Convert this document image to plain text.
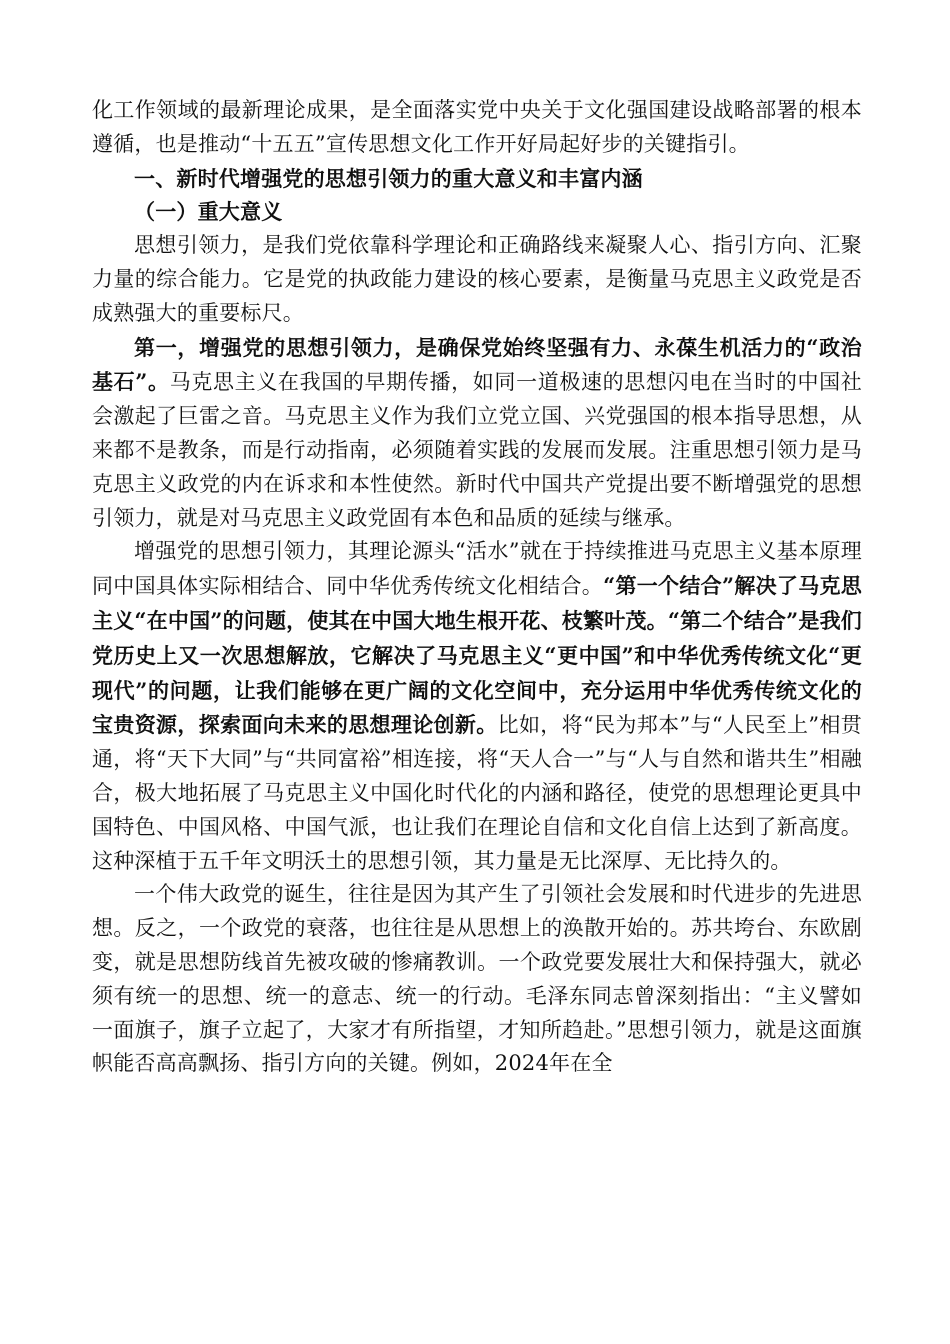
化工作领域的最新理论成果，是全面落实党中央关于文化强国建设战略部署的根本遵循，也是推动“十五五”宣传思想文化工作开好局起好步的关键指引。

一、新时代增强党的思想引领力的重大意义和丰富内涵

（一）重大意义

思想引领力，是我们党依靠科学理论和正确路线来凝聚人心、指引方向、汇聚力量的综合能力。它是党的执政能力建设的核心要素，是衡量马克思主义政党是否成熟强大的重要标尺。

第一，增强党的思想引领力，是确保党始终坚强有力、永葆生机活力的“政治基石”。马克思主义在我国的早期传播，如同一道极速的思想闪电在当时的中国社会激起了巨雷之音。马克思主义作为我们立党立国、兴党强国的根本指导思想，从来都不是教条，而是行动指南，必须随着实践的发展而发展。注重思想引领力是马克思主义政党的内在诉求和本性使然。新时代中国共产党提出要不断增强党的思想引领力，就是对马克思主义政党固有本色和品质的延续与继承。

增强党的思想引领力，其理论源头“活水”就在于持续推进马克思主义基本原理同中国具体实际相结合、同中华优秀传统文化相结合。“第一个结合”解决了马克思主义“在中国”的问题，使其在中国大地生根开花、枝繁叶茂。“第二个结合”是我们党历史上又一次思想解放，它解决了马克思主义“更中国”和中华优秀传统文化“更现代”的问题，让我们能够在更广阔的文化空间中，充分运用中华优秀传统文化的宝贵资源，探索面向未来的思想理论创新。比如，将“民为邦本”与“人民至上”相贯通，将“天下大同”与“共同富裕”相连接，将“天人合一”与“人与自然和谐共生”相融合，极大地拓展了马克思主义中国化时代化的内涵和路径，使党的思想理论更具中国特色、中国风格、中国气派，也让我们在理论自信和文化自信上达到了新高度。这种深植于五千年文明沃土的思想引领，其力量是无比深厚、无比持久的。

一个伟大政党的诞生，往往是因为其产生了引领社会发展和时代进步的先进思想。反之，一个政党的衰落，也往往是从思想上的涣散开始的。苏共垮台、东欧剧变，就是思想防线首先被攻破的惨痛教训。一个政党要发展壮大和保持强大，就必须有统一的思想、统一的意志、统一的行动。毛泽东同志曾深刻指出：“主义譬如一面旗子，旗子立起了，大家才有所指望，才知所趋赴。”思想引领力，就是这面旗帜能否高高飘扬、指引方向的关键。例如，2024年在全
